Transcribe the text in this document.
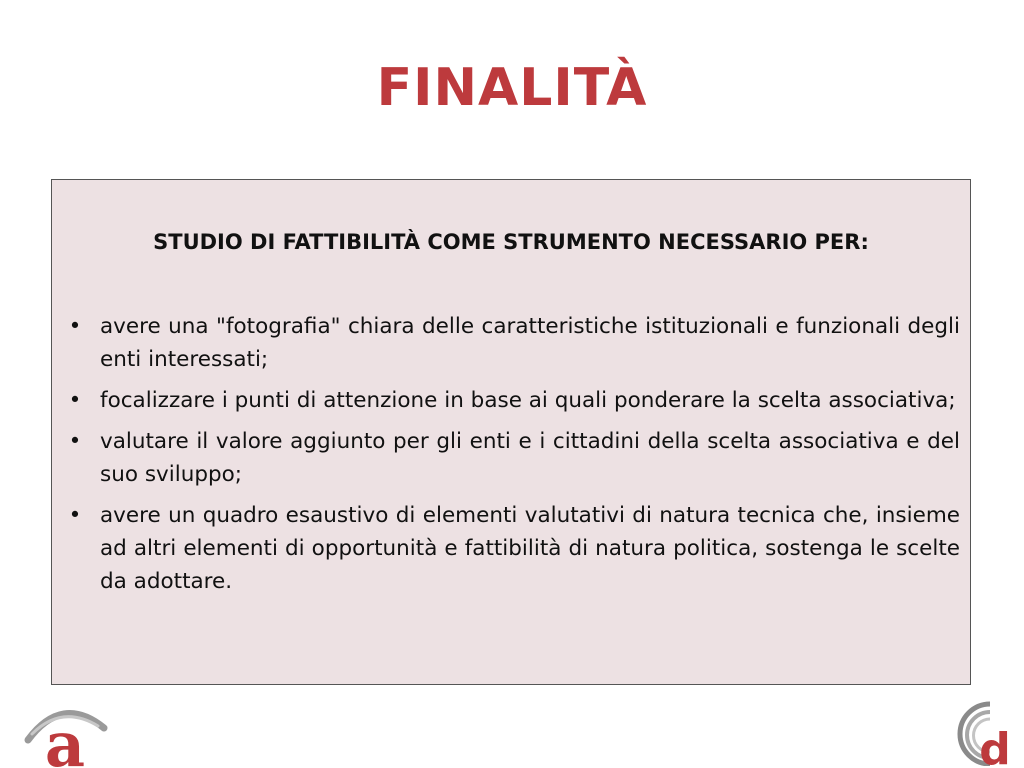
FINALITÀ
STUDIO DI FATTIBILITÀ COME STRUMENTO NECESSARIO PER:
• avere una "fotografia" chiara delle caratteristiche istituzionali e funzionali degli enti interessati;
• focalizzare i punti di attenzione in base ai quali ponderare la scelta associativa;
• valutare il valore aggiunto per gli enti e i cittadini della scelta associativa e del suo sviluppo;
• avere un quadro esaustivo di elementi valutativi di natura tecnica che, insieme ad altri elementi di opportunità e fattibilità di natura politica, sostenga le scelte da adottare.
a	d
